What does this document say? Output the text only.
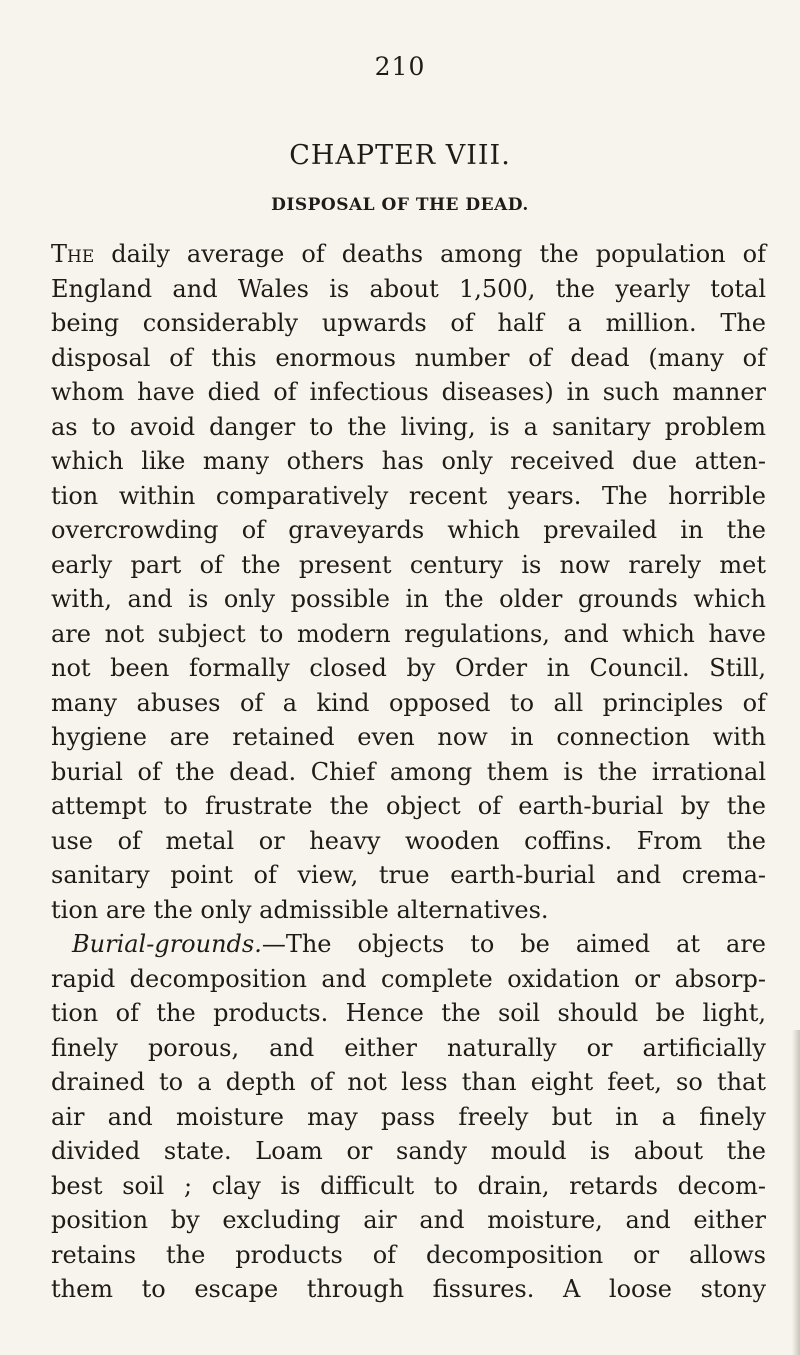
210
CHAPTER VIII.
DISPOSAL OF THE DEAD.
The daily average of deaths among the population of
England and Wales is about 1,500, the yearly total
being considerably upwards of half a million. The
disposal of this enormous number of dead (many of
whom have died of infectious diseases) in such manner
as to avoid danger to the living, is a sanitary problem
which like many others has only received due atten-
tion within comparatively recent years. The horrible
overcrowding of graveyards which prevailed in the
early part of the present century is now rarely met
with, and is only possible in the older grounds which
are not subject to modern regulations, and which have
not been formally closed by Order in Council. Still,
many abuses of a kind opposed to all principles of
hygiene are retained even now in connection with
burial of the dead. Chief among them is the irrational
attempt to frustrate the object of earth-burial by the
use of metal or heavy wooden coffins. From the
sanitary point of view, true earth-burial and crema-
tion are the only admissible alternatives.
Burial-grounds.—The objects to be aimed at are
rapid decomposition and complete oxidation or absorp-
tion of the products. Hence the soil should be light,
finely porous, and either naturally or artificially
drained to a depth of not less than eight feet, so that
air and moisture may pass freely but in a finely
divided state. Loam or sandy mould is about the
best soil ; clay is difficult to drain, retards decom-
position by excluding air and moisture, and either
retains the products of decomposition or allows
them to escape through fissures. A loose stony
